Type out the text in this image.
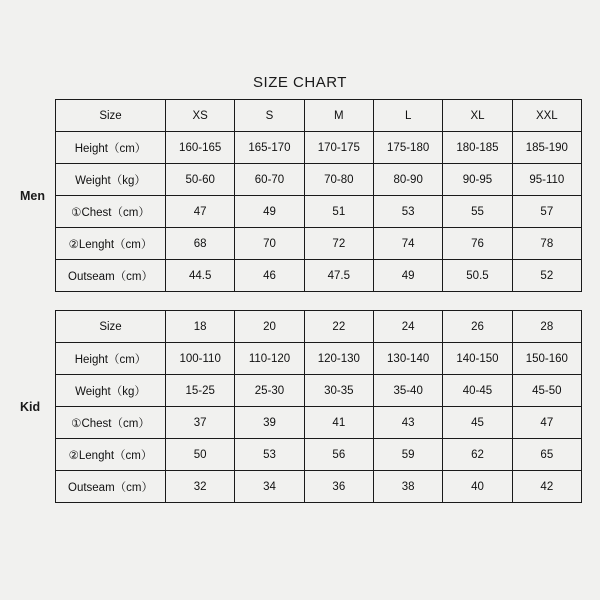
SIZE CHART
Men
Size	XS	S	M	L	XL	XXL
Height（cm）	160-165	165-170	170-175	175-180	180-185	185-190
Weight（kg）	50-60	60-70	70-80	80-90	90-95	95-110
①Chest（cm）	47	49	51	53	55	57
②Lenght（cm）	68	70	72	74	76	78
Outseam（cm）	44.5	46	47.5	49	50.5	52
Kid
Size	18	20	22	24	26	28
Height（cm）	100-110	110-120	120-130	130-140	140-150	150-160
Weight（kg）	15-25	25-30	30-35	35-40	40-45	45-50
①Chest（cm）	37	39	41	43	45	47
②Lenght（cm）	50	53	56	59	62	65
Outseam（cm）	32	34	36	38	40	42
